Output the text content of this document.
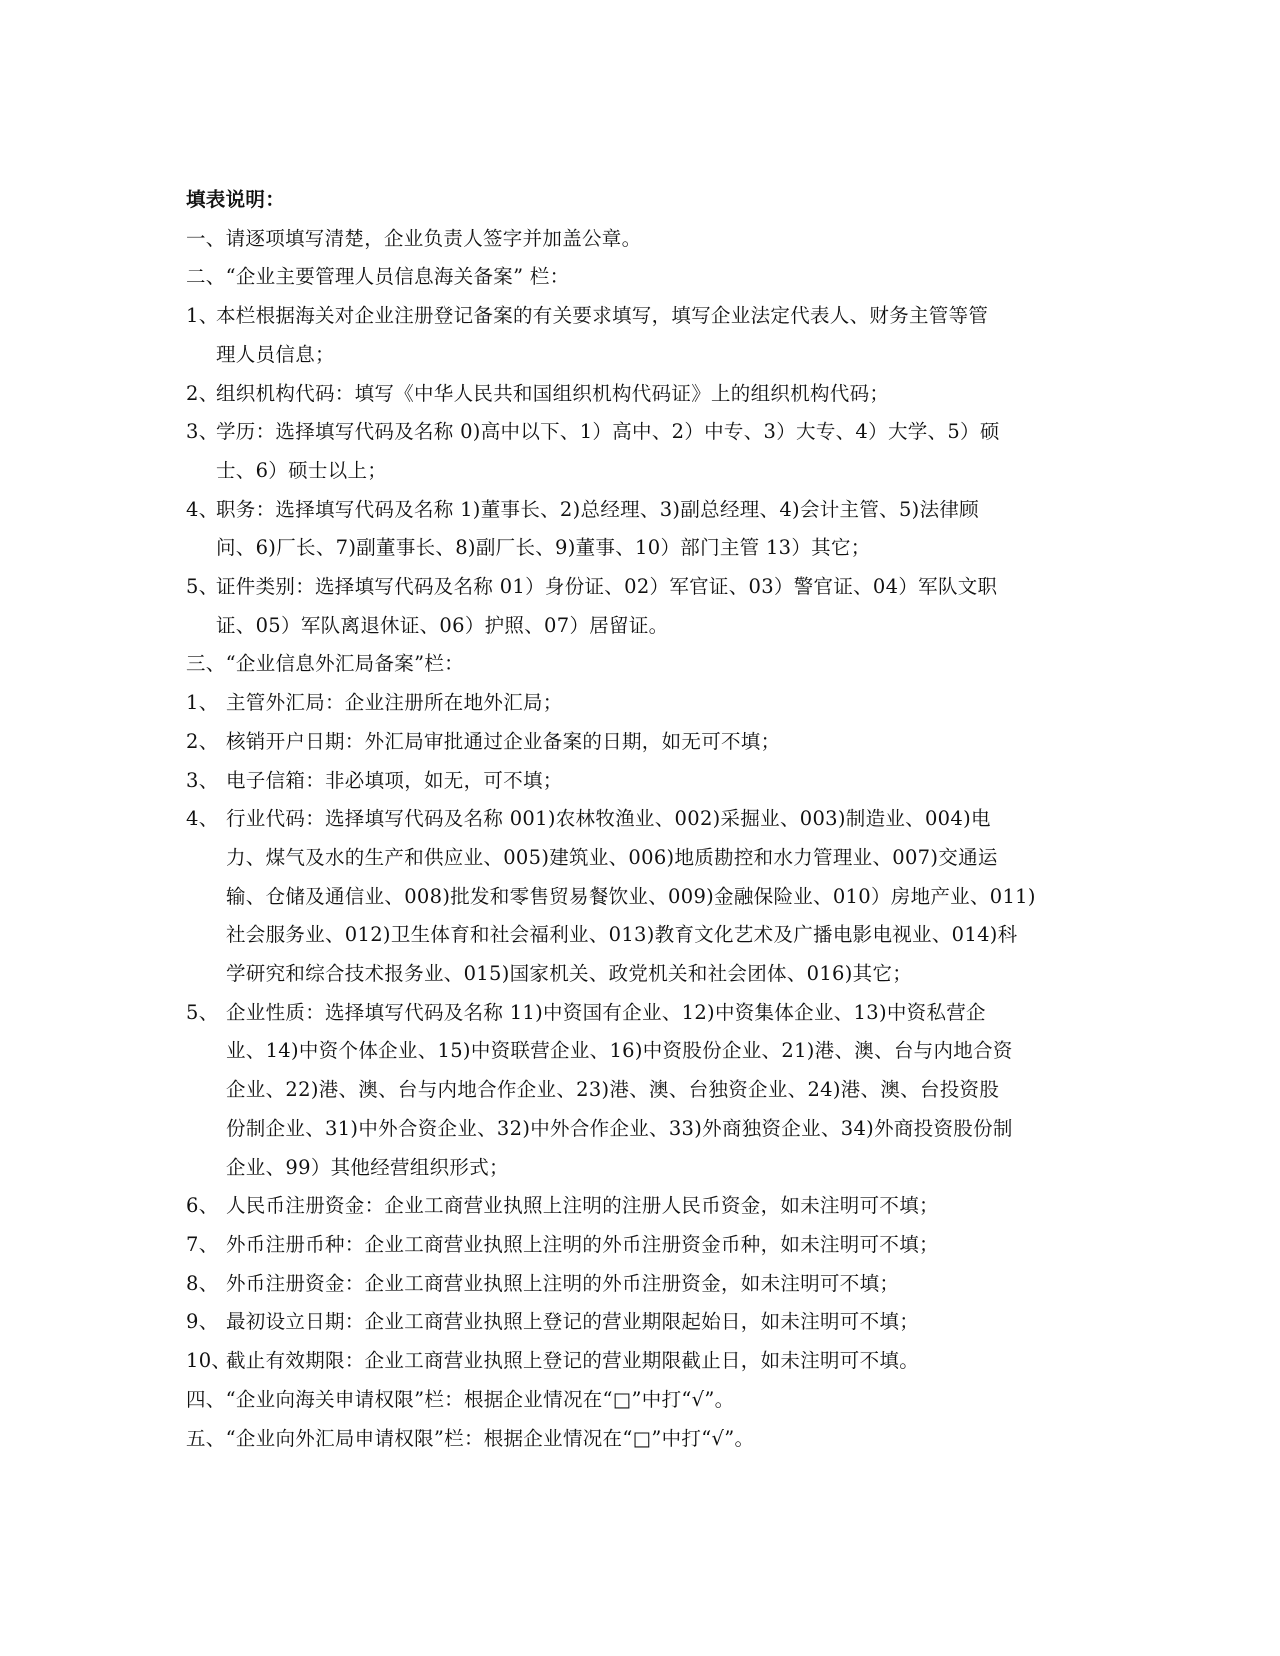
填表说明：
一、请逐项填写清楚，企业负责人签字并加盖公章。
二、“企业主要管理人员信息海关备案” 栏：
1、
本栏根据海关对企业注册登记备案的有关要求填写，填写企业法定代表人、财务主管等管
理人员信息；
2、
组织机构代码：填写《中华人民共和国组织机构代码证》上的组织机构代码；
3、
学历：选择填写代码及名称 0)高中以下、1）高中、2）中专、3）大专、4）大学、5）硕
士、6）硕士以上；
4、
职务：选择填写代码及名称 1)董事长、2)总经理、3)副总经理、4)会计主管、5)法律顾
问、6)厂长、7)副董事长、8)副厂长、9)董事、10）部门主管 13）其它；
5、
证件类别：选择填写代码及名称 01）身份证、02）军官证、03）警官证、04）军队文职
证、05）军队离退休证、06）护照、07）居留证。
三、“企业信息外汇局备案”栏：
1、 主管外汇局：企业注册所在地外汇局；
2、 核销开户日期：外汇局审批通过企业备案的日期，如无可不填；
3、 电子信箱：非必填项，如无，可不填；
4、 行业代码：选择填写代码及名称 001)农林牧渔业、002)采掘业、003)制造业、004)电
力、煤气及水的生产和供应业、005)建筑业、006)地质勘控和水力管理业、007)交通运
输、仓储及通信业、008)批发和零售贸易餐饮业、009)金融保险业、010）房地产业、011)
社会服务业、012)卫生体育和社会福利业、013)教育文化艺术及广播电影电视业、014)科
学研究和综合技术报务业、015)国家机关、政党机关和社会团体、016)其它；
5、 企业性质：选择填写代码及名称 11)中资国有企业、12)中资集体企业、13)中资私营企
业、14)中资个体企业、15)中资联营企业、16)中资股份企业、21)港、澳、台与内地合资
企业、22)港、澳、台与内地合作企业、23)港、澳、台独资企业、24)港、澳、台投资股
份制企业、31)中外合资企业、32)中外合作企业、33)外商独资企业、34)外商投资股份制
企业、99）其他经营组织形式；
6、 人民币注册资金：企业工商营业执照上注明的注册人民币资金，如未注明可不填；
7、 外币注册币种：企业工商营业执照上注明的外币注册资金币种，如未注明可不填；
8、 外币注册资金：企业工商营业执照上注明的外币注册资金，如未注明可不填；
9、 最初设立日期：企业工商营业执照上登记的营业期限起始日，如未注明可不填；
10、
截止有效期限：企业工商营业执照上登记的营业期限截止日，如未注明可不填。
四、“企业向海关申请权限”栏：根据企业情况在“□”中打“√”。
五、“企业向外汇局申请权限”栏：根据企业情况在“□”中打“√”。
